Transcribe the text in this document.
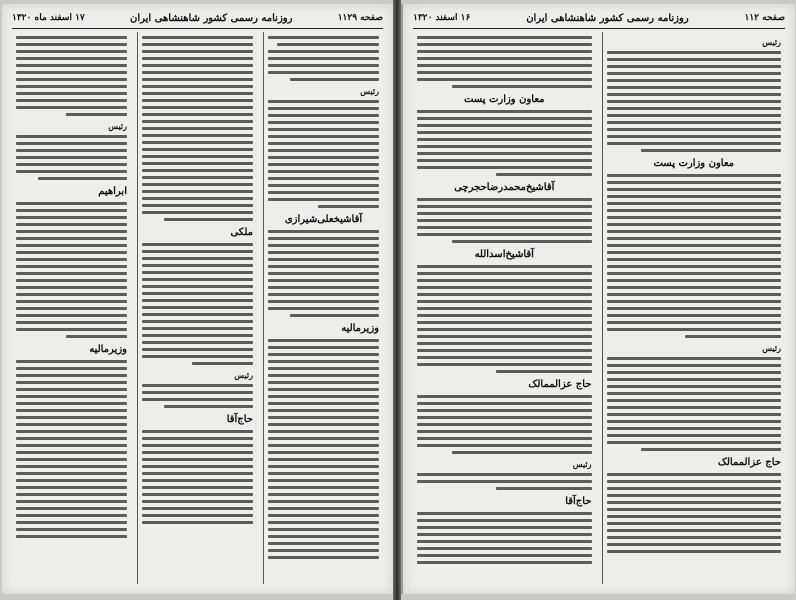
صفحه ۱۱۲۹
روزنامه رسمی کشور شاهنشاهی ایران
۱۷ اسفند ماه ۱۳۲۰
رئیس
آقاشیخعلی‌شیرازی
وزیرمالیه
ملکی
رئیس
حاج‌آقا
رئیس
ابراهیم
وزیرمالیه
صفحه ۱۱۲
روزنامه رسمی کشور شاهنشاهی ایران
۱۶ اسفند ۱۳۲۰
رئیس
معاون وزارت پست
رئیس
حاج عزالممالک
معاون وزارت پست
آقاشیخ‌محمدرضاحجرچی
آقاشیخ‌اسدالله
حاج عزالممالک
رئیس
حاج‌آقا
